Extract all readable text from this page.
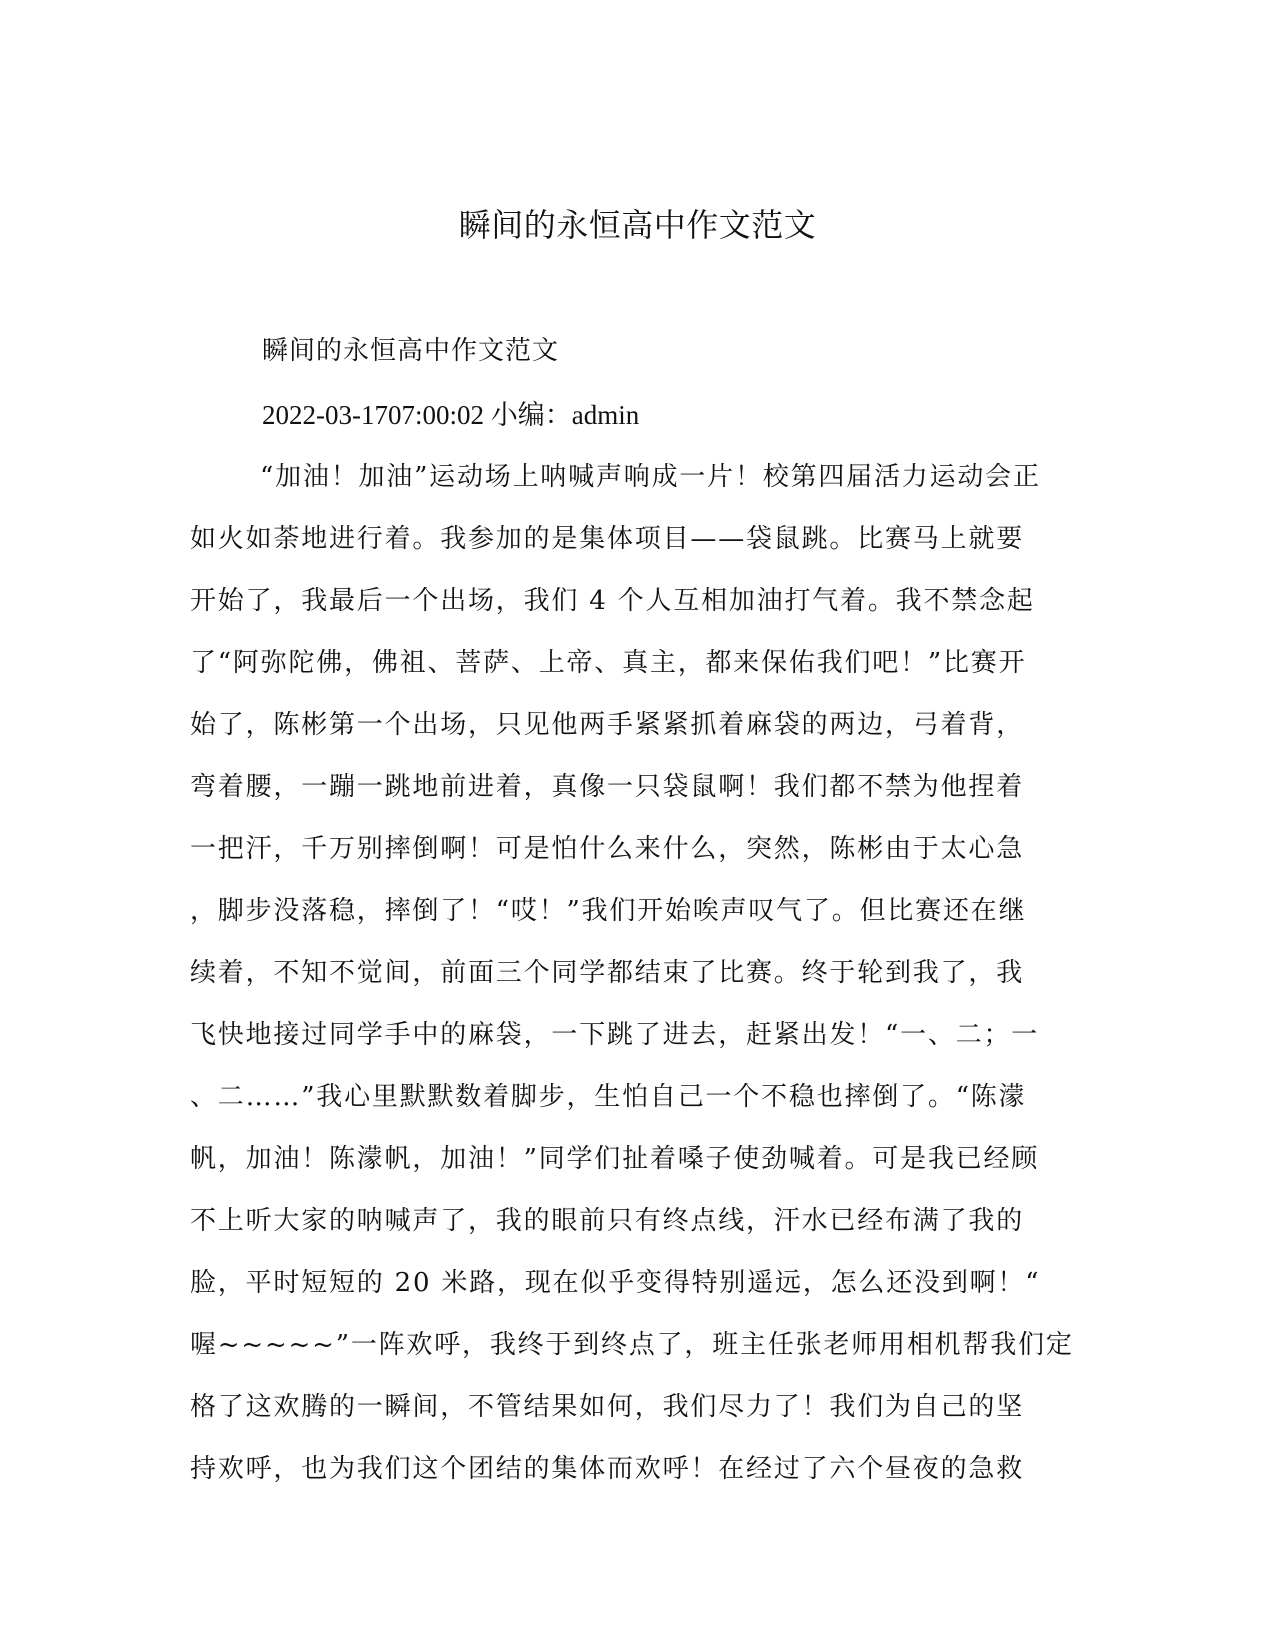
瞬间的永恒高中作文范文

瞬间的永恒高中作文范文

2022-03-1707:00:02 小编：admin

“加油！加油”运动场上呐喊声响成一片！校第四届活力运动会正
如火如荼地进行着。我参加的是集体项目——袋鼠跳。比赛马上就要
开始了，我最后一个出场，我们 4 个人互相加油打气着。我不禁念起
了“阿弥陀佛，佛祖、菩萨、上帝、真主，都来保佑我们吧！”比赛开
始了，陈彬第一个出场，只见他两手紧紧抓着麻袋的两边，弓着背，
弯着腰，一蹦一跳地前进着，真像一只袋鼠啊！我们都不禁为他捏着
一把汗，千万别摔倒啊！可是怕什么来什么，突然，陈彬由于太心急
，脚步没落稳，摔倒了！“哎！”我们开始唉声叹气了。但比赛还在继
续着，不知不觉间，前面三个同学都结束了比赛。终于轮到我了，我
飞快地接过同学手中的麻袋，一下跳了进去，赶紧出发！“一、二；一
、二……”我心里默默数着脚步，生怕自己一个不稳也摔倒了。“陈濛
帆，加油！陈濛帆，加油！”同学们扯着嗓子使劲喊着。可是我已经顾
不上听大家的呐喊声了，我的眼前只有终点线，汗水已经布满了我的
脸，平时短短的 20 米路，现在似乎变得特别遥远，怎么还没到啊！“
喔~~~~~”一阵欢呼，我终于到终点了，班主任张老师用相机帮我们定
格了这欢腾的一瞬间，不管结果如何，我们尽力了！我们为自己的坚
持欢呼，也为我们这个团结的集体而欢呼！在经过了六个昼夜的急救
